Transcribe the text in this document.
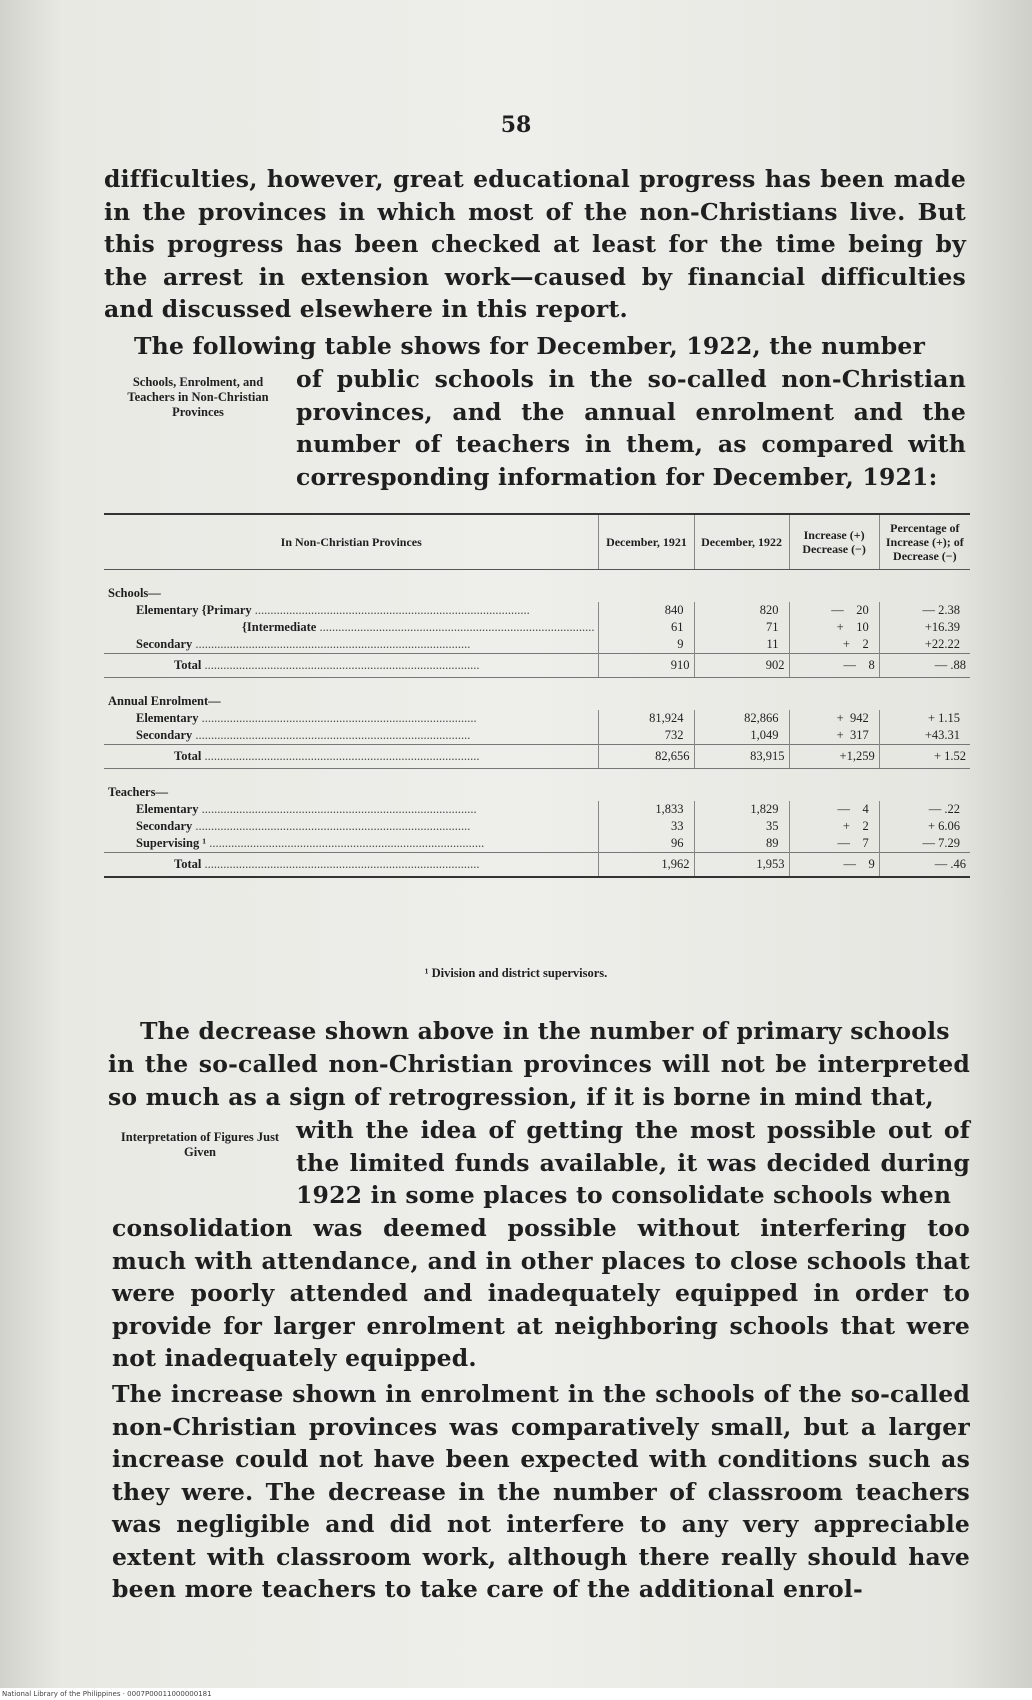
58
difficulties, however, great educational progress has been made in the provinces in which most of the non-Christians live. But this progress has been checked at least for the time being by the arrest in extension work—caused by financial difficulties and discussed elsewhere in this report.
The following table shows for December, 1922, the number
Schools, Enrolment, and Teachers in Non-Christian Provinces
of public schools in the so-called non-Christian provinces, and the annual enrolment and the number of teachers in them, as compared with corresponding information for December, 1921:
In Non-Christian Provinces	December, 1921	December, 1922	Increase (+) Decrease (−)	Percentage of Increase (+); of Decrease (−)
Schools—				
Elementary {Primary .....	840	820	— 20	— 2.38
{Intermediate .....	61	71	+ 10	+16.39
Secondary .....	9	11	+ 2	+22.22
Total .....	910	902	— 8	— .88
Annual Enrolment—				
Elementary .....	81,924	82,866	+ 942	+ 1.15
Secondary .....	732	1,049	+ 317	+43.31
Total .....	82,656	83,915	+1,259	+ 1.52
Teachers—				
Elementary .....	1,833	1,829	— 4	— .22
Secondary .....	33	35	+ 2	+ 6.06
Supervising ¹ .....	96	89	— 7	— 7.29
Total .....	1,962	1,953	— 9	— .46
¹ Division and district supervisors.
The decrease shown above in the number of primary schools
in the so-called non-Christian provinces will not be interpreted so much as a sign of retrogression, if it is borne in mind that,
Interpretation of Figures Just Given
with the idea of getting the most possible out of the limited funds available, it was decided during 1922 in some places to consolidate schools when
consolidation was deemed possible without interfering too much with attendance, and in other places to close schools that were poorly attended and inadequately equipped in order to provide for larger enrolment at neighboring schools that were not inadequately equipped.
The increase shown in enrolment in the schools of the so-called non-Christian provinces was comparatively small, but a larger increase could not have been expected with conditions such as they were. The decrease in the number of classroom teachers was negligible and did not interfere to any very appreciable extent with classroom work, although there really should have been more teachers to take care of the additional enrol-
National Library of the Philippines · 0007P00011000000181
